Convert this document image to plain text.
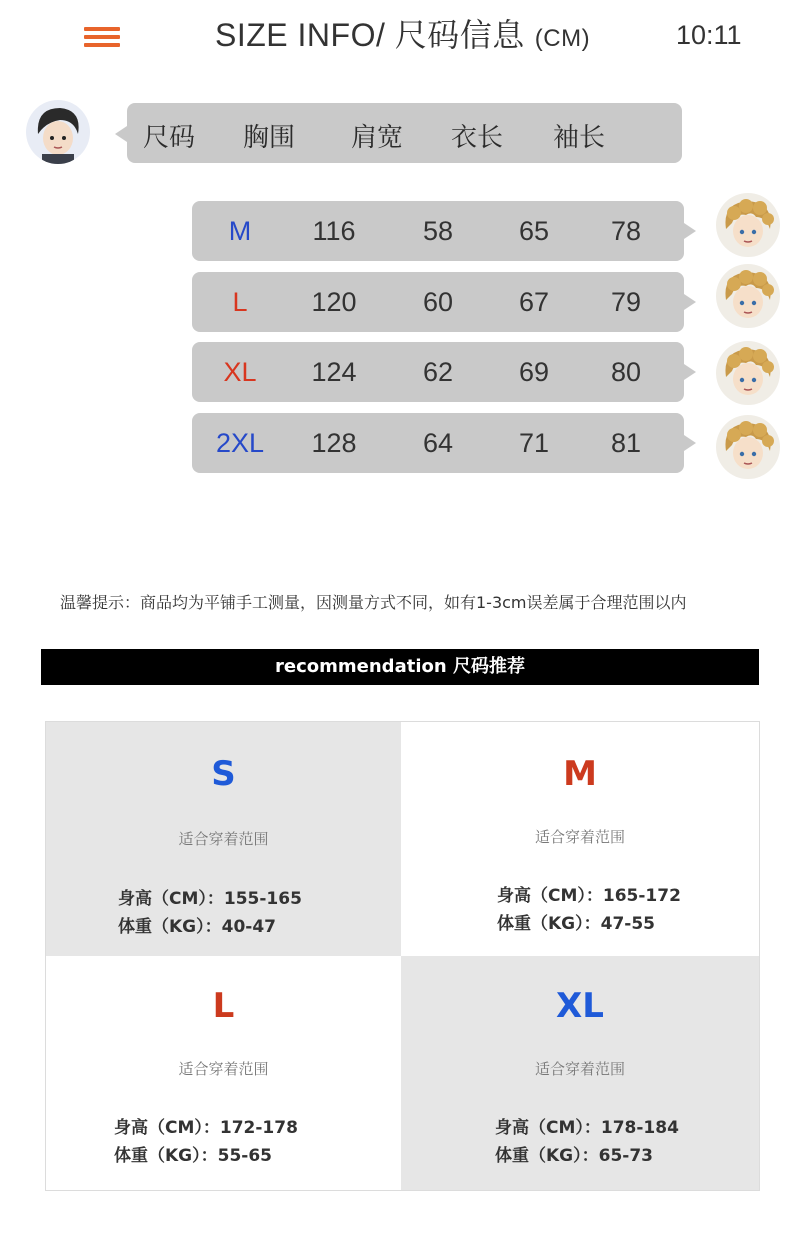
SIZE INFO/ 尺码信息 (CM)	10:11
尺码 胸围 肩宽 衣长 袖长
M	116	58	65	78
L	120	60	67	79
XL	124	62	69	80
2XL	128	64	71	81
温馨提示：商品均为平铺手工测量，因测量方式不同，如有1-3cm误差属于合理范围以内
recommendation 尺码推荐
S
适合穿着范围
身高（CM）：155-165
体重（KG）：40-47
M
适合穿着范围
身高（CM）：165-172
体重（KG）：47-55
L
适合穿着范围
身高（CM）：172-178
体重（KG）：55-65
XL
适合穿着范围
身高（CM）：178-184
体重（KG）：65-73
